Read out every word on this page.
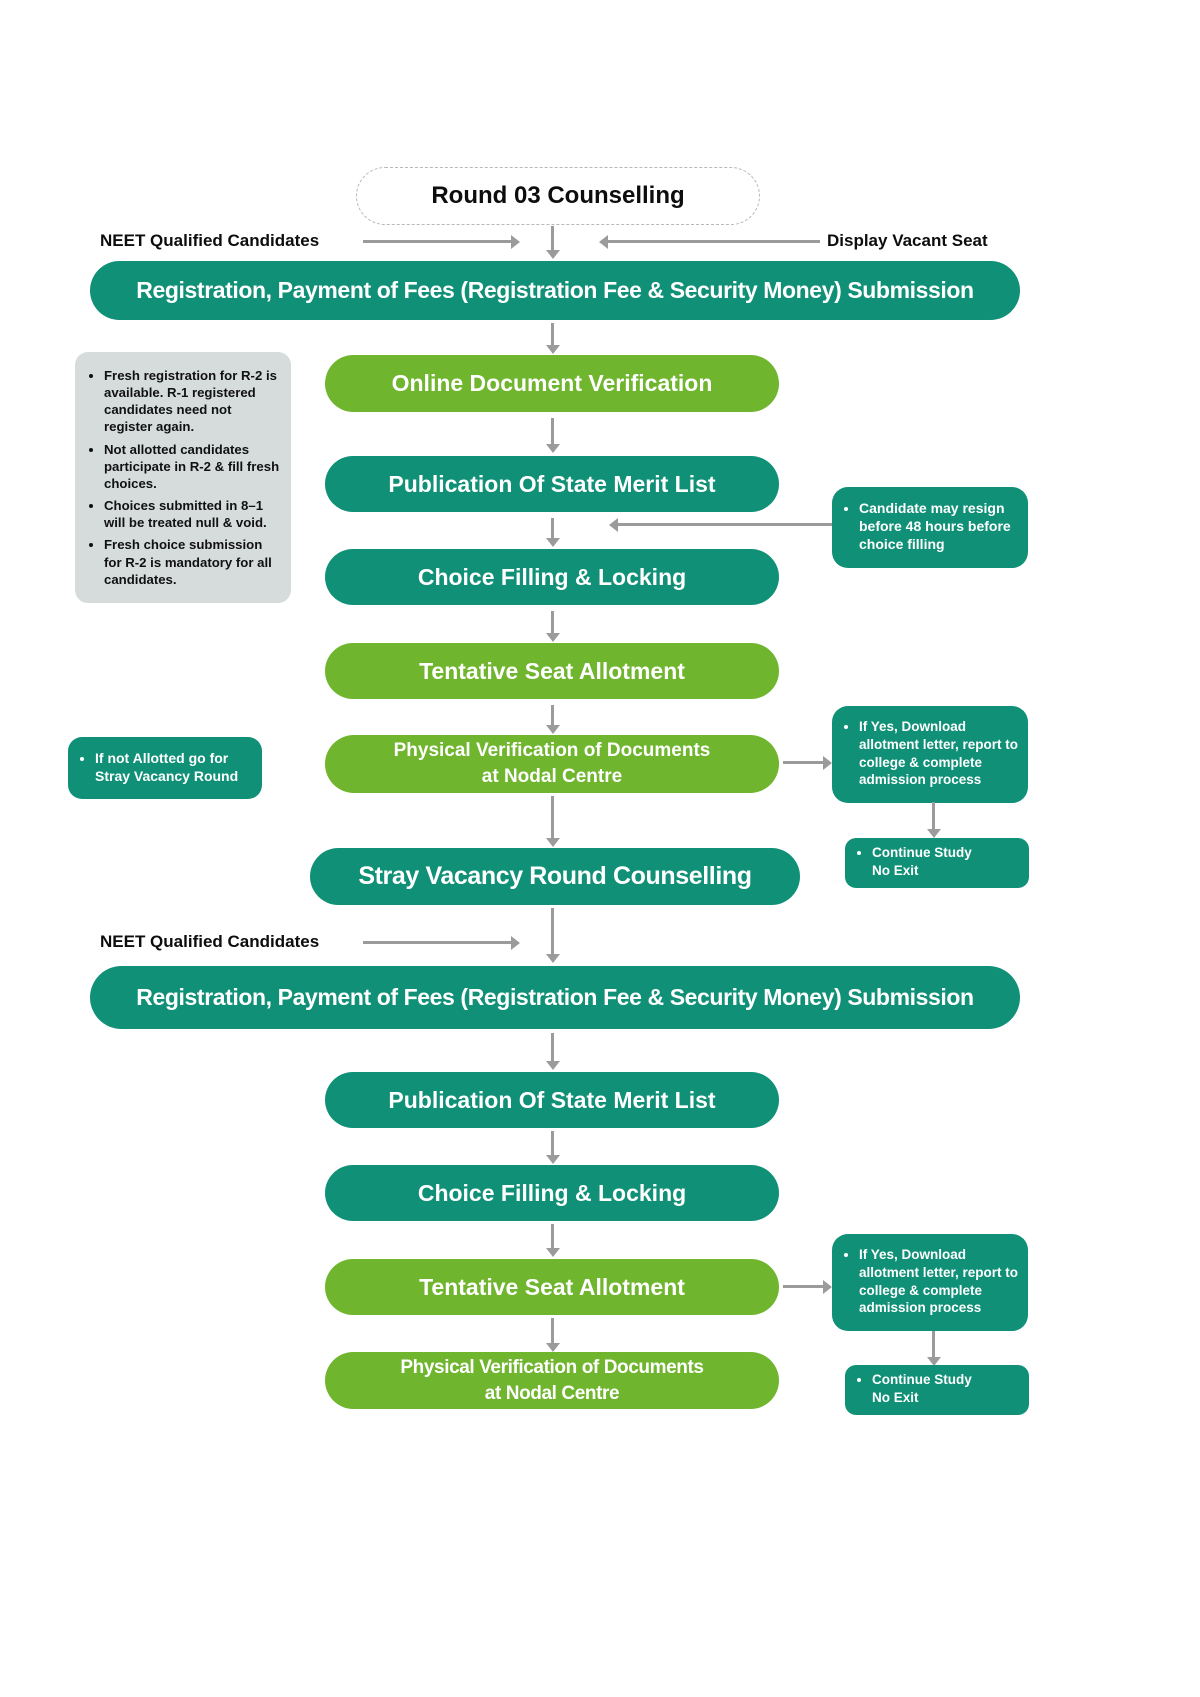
Round 03 Counselling
NEET Qualified Candidates	Display Vacant Seat
Registration, Payment of Fees (Registration Fee & Security Money) Submission
• Fresh registration for R-2 is available. R-1 registered candidates need not register again.
• Not allotted candidates participate in R-2 & fill fresh choices.
• Choices submitted in 8–1 will be treated null & void.
• Fresh choice submission for R-2 is mandatory for all candidates.
Online Document Verification
Publication Of State Merit List
• Candidate may resign before 48 hours before choice filling
Choice Filling & Locking
Tentative Seat Allotment
Physical Verification of Documents
at Nodal Centre
• If not Allotted go for Stray Vacancy Round
• If Yes, Download allotment letter, report to college & complete admission process
• Continue Study
No Exit
Stray Vacancy Round Counselling
NEET Qualified Candidates
Registration, Payment of Fees (Registration Fee & Security Money) Submission
Publication Of State Merit List
Choice Filling & Locking
Tentative Seat Allotment
• If Yes, Download allotment letter, report to college & complete admission process
• Continue Study
No Exit
Physical Verification of Documents
at Nodal Centre
